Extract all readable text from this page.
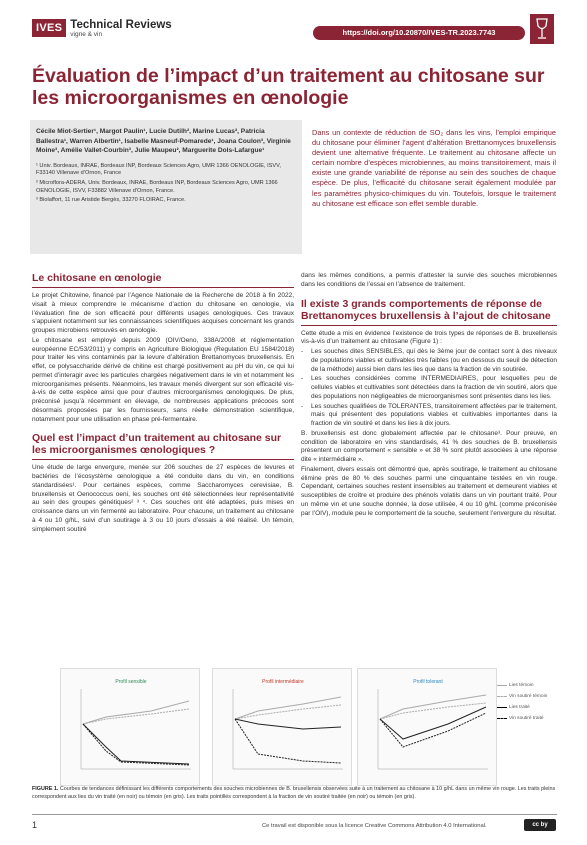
IVES Technical Reviews
vigne & vin	https://doi.org/10.20870/IVES-TR.2023.7743
Évaluation de l’impact d’un traitement au chitosane sur les microorganismes en œnologie
Cécile Miot-Sertier¹, Margot Paulin¹, Lucie Dutilh², Marine Lucas², Patricia Ballestra¹, Warren Albertin¹, Isabelle Masneuf-Pomarede¹, Joana Coulon³, Virginie Moine³, Amélie Vallet-Courbin³, Julie Maupeu², Marguerite Dols-Lafargue¹

¹ Univ. Bordeaux, INRAE, Bordeaux INP, Bordeaux Sciences Agro, UMR 1366 OENOLOGIE, ISVV, F33140 Villenave d’Ornon, France

² Microflora-ADERA, Univ. Bordeaux, INRAE, Bordeaux INP, Bordeaux Sciences Agro, UMR 1366 OENOLOGIE, ISVV, F33882 Villenave d’Ornon, France.

³ Biolaffort, 11 rue Aristide Bergès, 33270 FLOIRAC, France.

Dans un contexte de réduction de SO₂ dans les vins, l’emploi empirique du chitosane pour éliminer l’agent d’altération Brettanomyces bruxellensis devient une alternative fréquente. Le traitement au chitosane affecte un certain nombre d’espèces microbiennes, au moins transitoirement, mais il existe une grande variabilité de réponse au sein des souches de chaque espèce. De plus, l’efficacité du chitosane serait également modulée par les paramètres physico-chimiques du vin. Toutefois, lorsque le traitement au chitosane est efficace son effet semble durable.
Le chitosane en œnologie

Le projet Chitowine, financé par l’Agence Nationale de la Recherche de 2018 à fin 2022, visait à mieux comprendre le mécanisme d’action du chitosane en œnologie, via l’évaluation fine de son efficacité pour différents usages œnologiques. Ces travaux s’appuient notamment sur les connaissances scientifiques acquises concernant les grands groupes microbiens retrouvés en œnologie.

Le chitosane est employé depuis 2009 (OIV/Oeno, 338A/2008 et réglementation européenne EC/53/2011) y compris en Agriculture Biologique (Regulation EU 1584/2018) pour traiter les vins contaminés par la levure d’altération Brettanomyces bruxellensis. En effet, ce polysaccharide dérivé de chitine est chargé positivement au pH du vin, ce qui lui permet d’interagir avec les particules chargées négativement dans le vin et notamment les microorganismes présents. Néanmoins, les travaux menés divergent sur son efficacité vis-à-vis de cette espèce ainsi que pour d’autres microorganismes œnologiques. De plus, préconisé jusqu’à récemment en élevage, de nombreuses applications précoces sont désormais proposées par les fournisseurs, sans réelle démonstration scientifique, notamment pour une utilisation en phase pré-fermentaire.

Quel est l’impact d’un traitement au chitosane sur les microorganismes œnologiques ?

Une étude de large envergure, menée sur 206 souches de 27 espèces de levures et bactéries de l’écosystème œnologique a été conduite dans du vin, en conditions standardisées¹. Pour certaines espèces, comme Saccharomyces cerevisiae, B. bruxellensis et Oenococcus oeni, les souches ont été sélectionnées leur représentativité au sein des groupes génétiques² ³ ⁴. Ces souches ont été adaptées, puis mises en croissance dans un vin fermenté au laboratoire. Pour chacune, un traitement au chitosane à 4 ou 10 g/hL, suivi d’un soutirage à 3 ou 10 jours d’essais a été réalisé. Un témoin, simplement soutiré

dans les mêmes conditions, a permis d’attester la survie des souches microbiennes dans les conditions de l’essai en l’absence de traitement.

Il existe 3 grands comportements de réponse de Brettanomyces bruxellensis à l’ajout de chitosane

Cette étude a mis en évidence l’existence de trois types de réponses de B. bruxellensis vis-à-vis d’un traitement au chitosane (Figure 1) :

-	Les souches dites SENSIBLES, qui dès le 3ème jour de contact sont à des niveaux de populations viables et cultivables très faibles (ou en dessous du seuil de détection de la méthode) aussi bien dans les lies que dans la fraction de vin soutirée.
-	Les souches considérées comme INTERMEDIAIRES, pour lesquelles peu de cellules viables et cultivables sont détectées dans la fraction de vin soutiré, alors que des populations non négligeables de microorganismes sont présentes dans les lies.
-	Les souches qualifiées de TOLERANTES, transitoirement affectées par le traitement, mais qui présentent des populations viables et cultivables importantes dans la fraction de vin soutiré et dans les lies à dix jours.

B. bruxellensis est donc globalement affectée par le chitosane³. Pour preuve, en condition de laboratoire en vins standardisés, 41 % des souches de B. bruxellensis présentent un comportement « sensible » et 38 % sont plutôt associées à une réponse dite « intermédiaire ».

Finalement, divers essais ont démontré que, après soutirage, le traitement au chitosane élimine près de 80 % des souches parmi une cinquantaine testées en vin rouge. Cependant, certaines souches restent insensibles au traitement et demeurent viables et susceptibles de croître et produire des phénols volatils dans un vin pourtant traité. Pour un même vin et une souche donnée, la dose utilisée, 4 ou 10 g/hL (comme préconisée par l’OIV), module peu le comportement de la souche, seulement l’envergure du résultat.

Profil sensible	Profil intermédiaire	Profil tolerant
Lies témoin
Vin soutiré témoin
Lies traité
Vin soutiré traité
FIGURE 1. Courbes de tendances définissant les différents comportements des souches microbiennes de B. bruxellensis observées suite à un traitement au chitosane à 10 g/hL dans un même vin rouge. Les traits pleins correspondent aux lies du vin traité (en noir) ou témoin (en gris). Les traits pointillés correspondent à la fraction de vin soutiré traitée (en noir) ou témoin (en gris).
1	Ce travail est disponible sous la licence Creative Commons Attribution 4.0 International.	cc by
